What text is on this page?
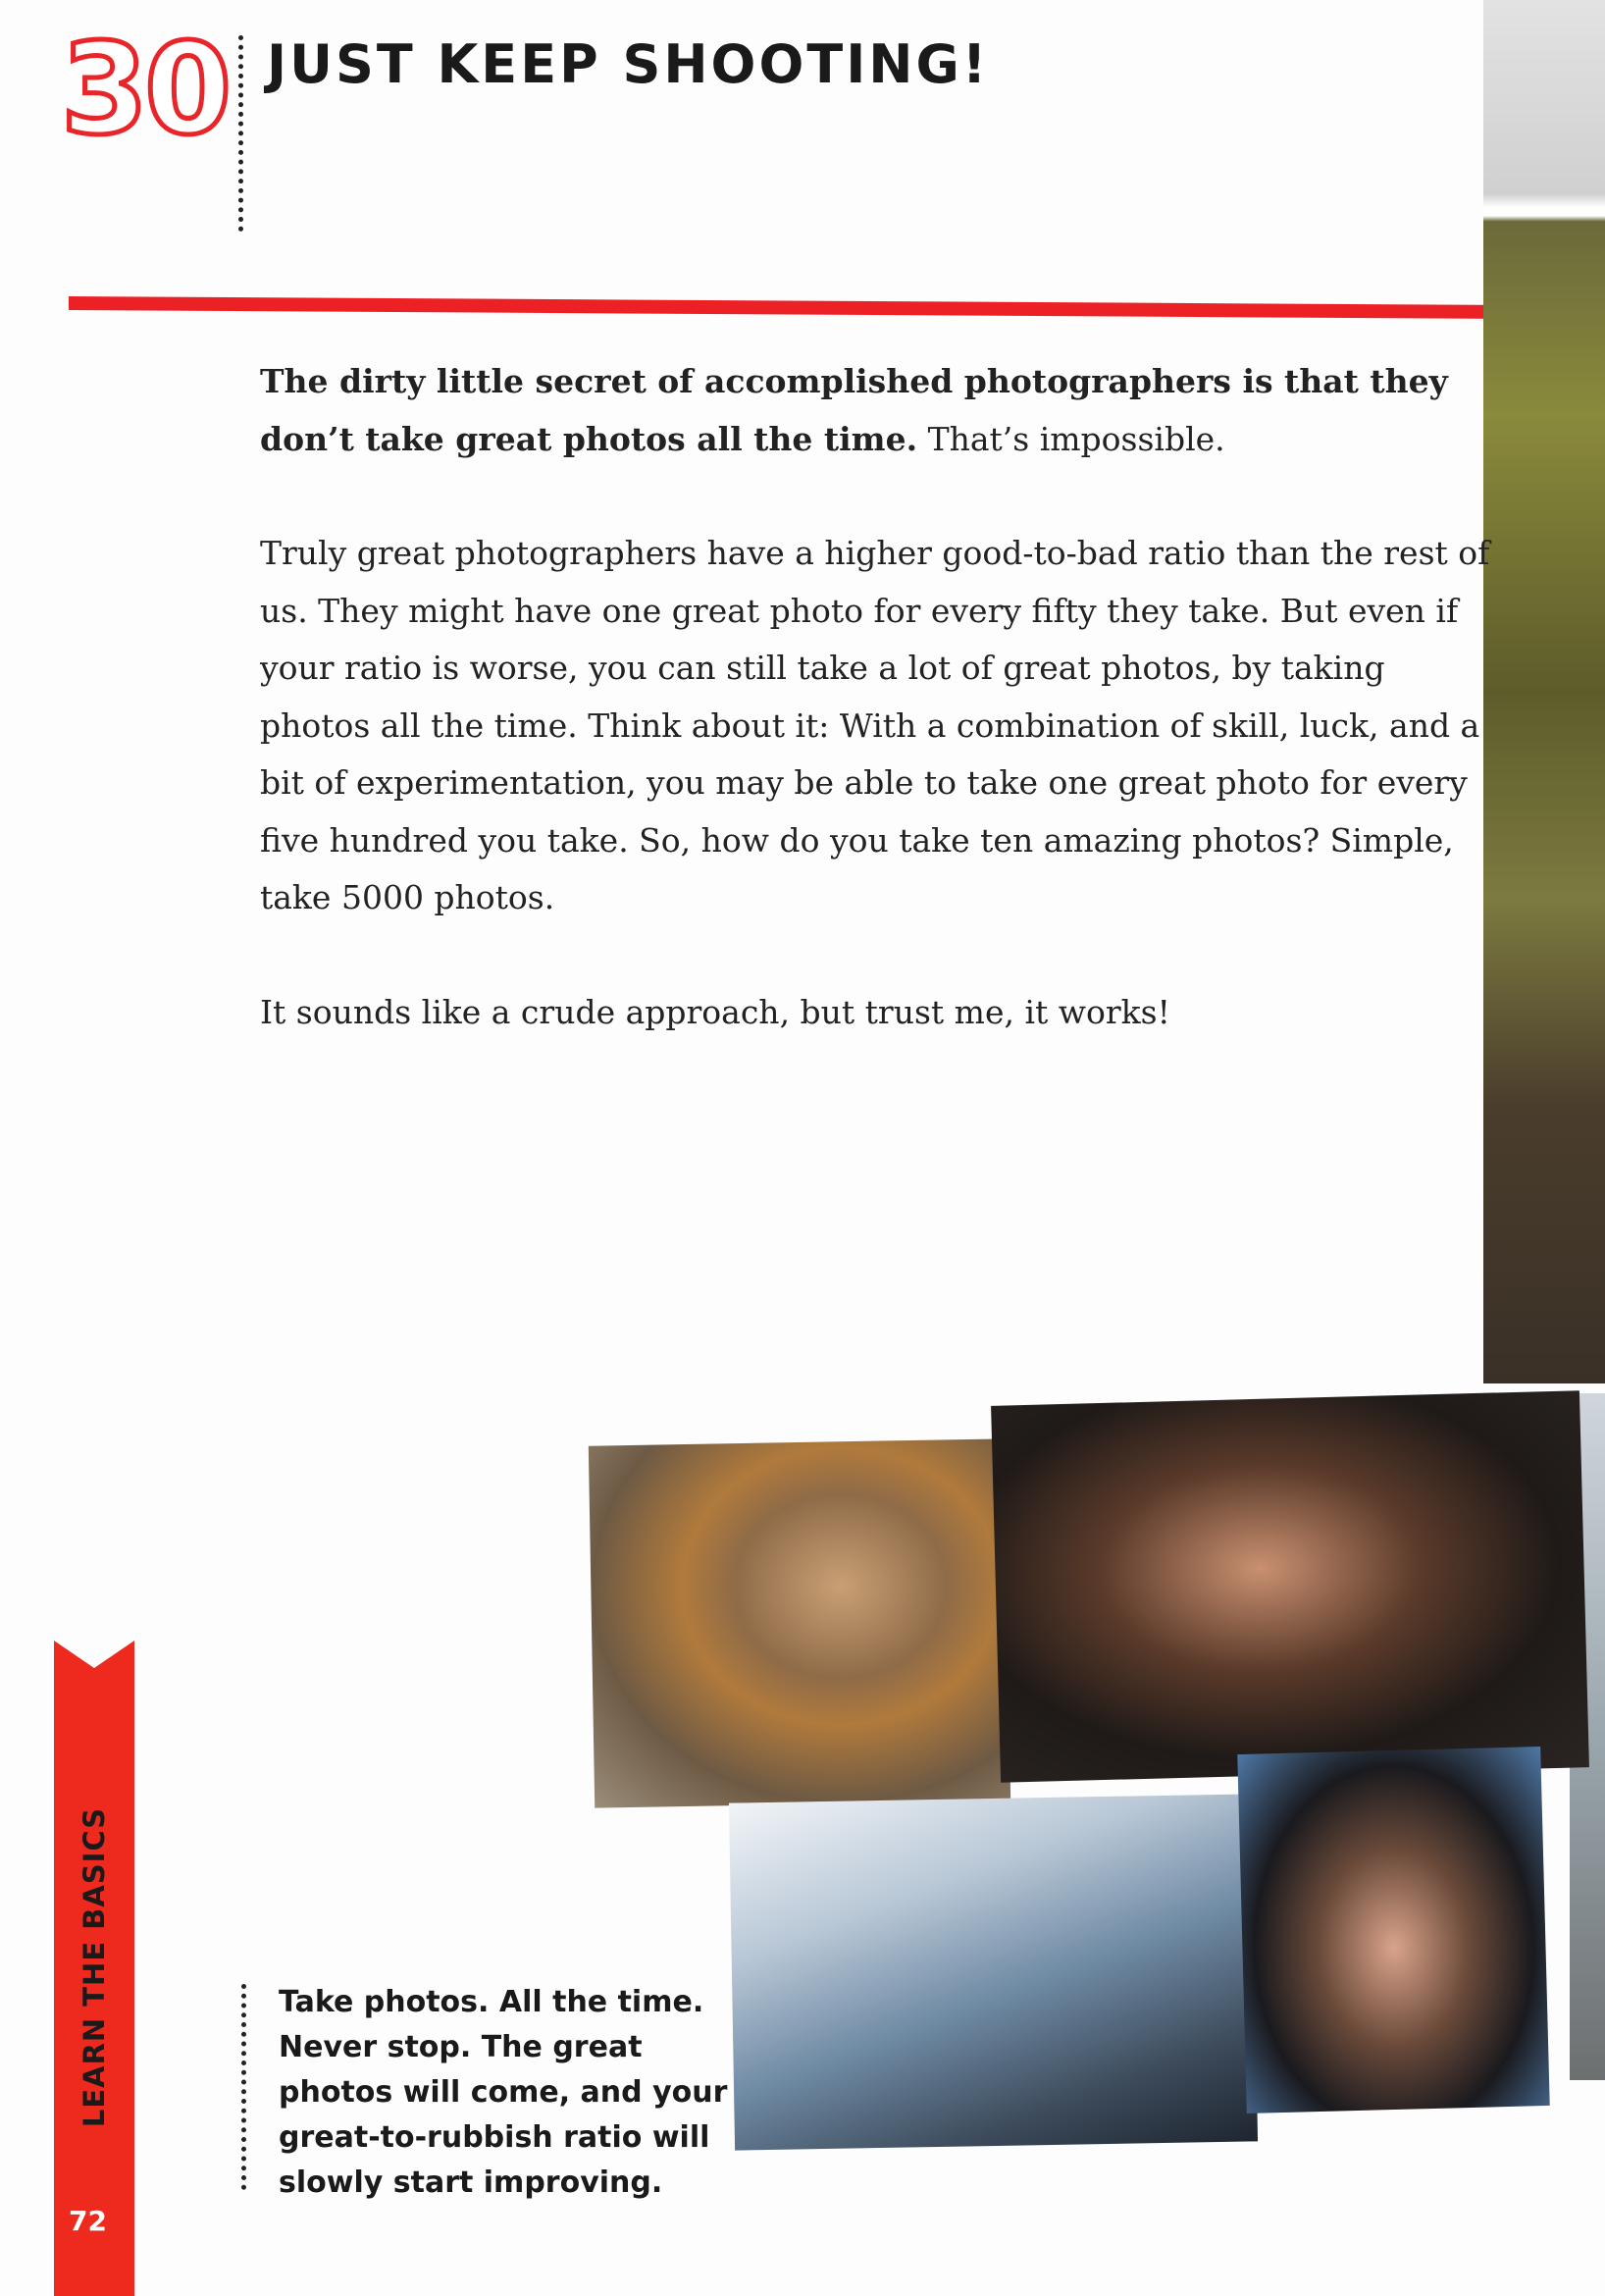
30 JUST KEEP SHOOTING!

The dirty little secret of accomplished photographers is that they don’t take great photos all the time. That’s impossible.

Truly great photographers have a higher good-to-bad ratio than the rest of us. They might have one great photo for every fifty they take. But even if your ratio is worse, you can still take a lot of great photos, by taking photos all the time. Think about it: With a combination of skill, luck, and a bit of experimentation, you may be able to take one great photo for every five hundred you take. So, how do you take ten amazing photos? Simple, take 5000 photos.

It sounds like a crude approach, but trust me, it works!

LEARN THE BASICS
72
Take photos. All the time. Never stop. The great photos will come, and your great-to-rubbish ratio will slowly start improving.
